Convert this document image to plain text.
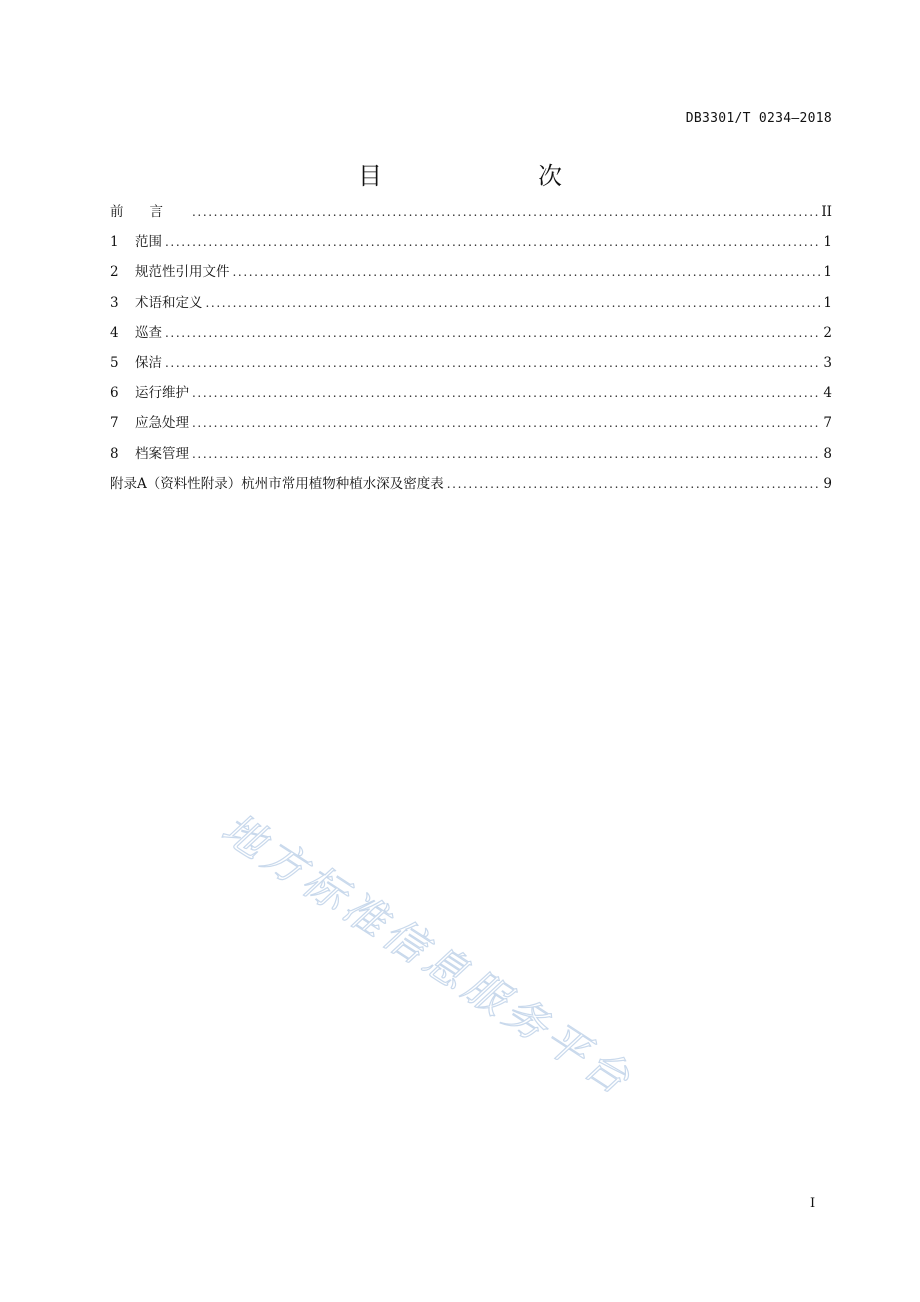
DB3301/T 0234—2018
目　　次
前言 .....	II
1	范围 .....	1
2	规范性引用文件 .....	1
3	术语和定义 .....	1
4	巡查 .....	2
5	保洁 .....	3
6	运行维护 .....	4
7	应急处理 .....	7
8	档案管理 .....	8
附录A（资料性附录）杭州市常用植物种植水深及密度表 .....	9
地方标准信息服务平台
I
